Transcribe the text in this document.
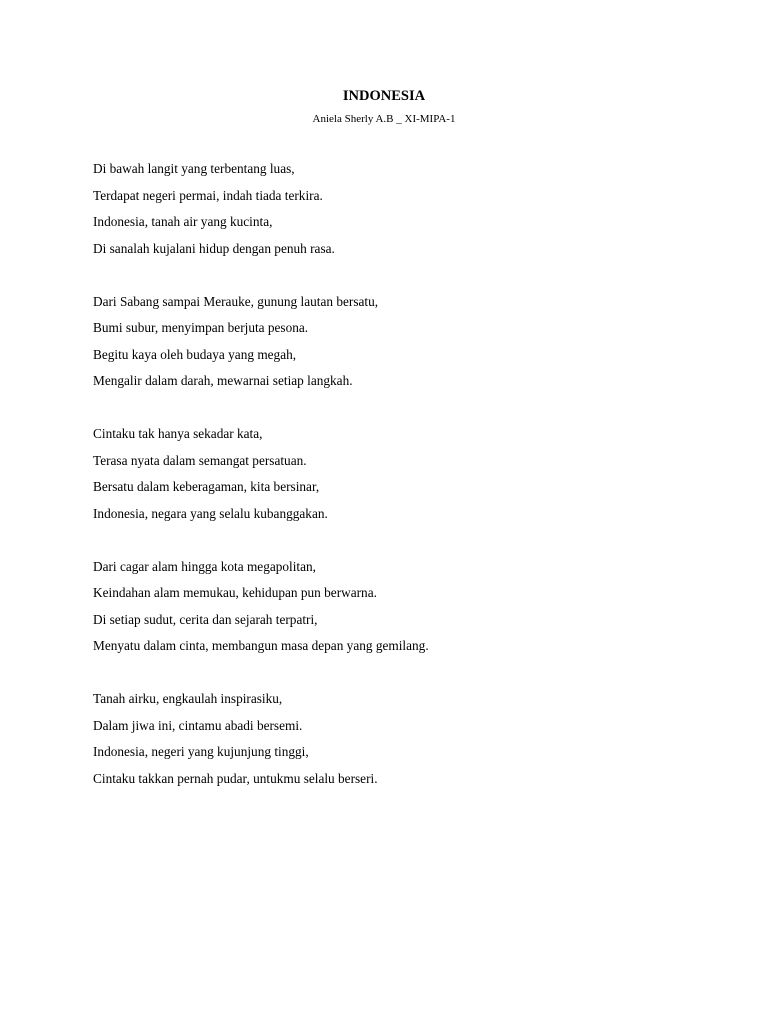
INDONESIA
Aniela Sherly A.B _ XI-MIPA-1
Di bawah langit yang terbentang luas,
Terdapat negeri permai, indah tiada terkira.
Indonesia, tanah air yang kucinta,
Di sanalah kujalani hidup dengan penuh rasa.
Dari Sabang sampai Merauke, gunung lautan bersatu,
Bumi subur, menyimpan berjuta pesona.
Begitu kaya oleh budaya yang megah,
Mengalir dalam darah, mewarnai setiap langkah.
Cintaku tak hanya sekadar kata,
Terasa nyata dalam semangat persatuan.
Bersatu dalam keberagaman, kita bersinar,
Indonesia, negara yang selalu kubanggakan.
Dari cagar alam hingga kota megapolitan,
Keindahan alam memukau, kehidupan pun berwarna.
Di setiap sudut, cerita dan sejarah terpatri,
Menyatu dalam cinta, membangun masa depan yang gemilang.
Tanah airku, engkaulah inspirasiku,
Dalam jiwa ini, cintamu abadi bersemi.
Indonesia, negeri yang kujunjung tinggi,
Cintaku takkan pernah pudar, untukmu selalu berseri.
